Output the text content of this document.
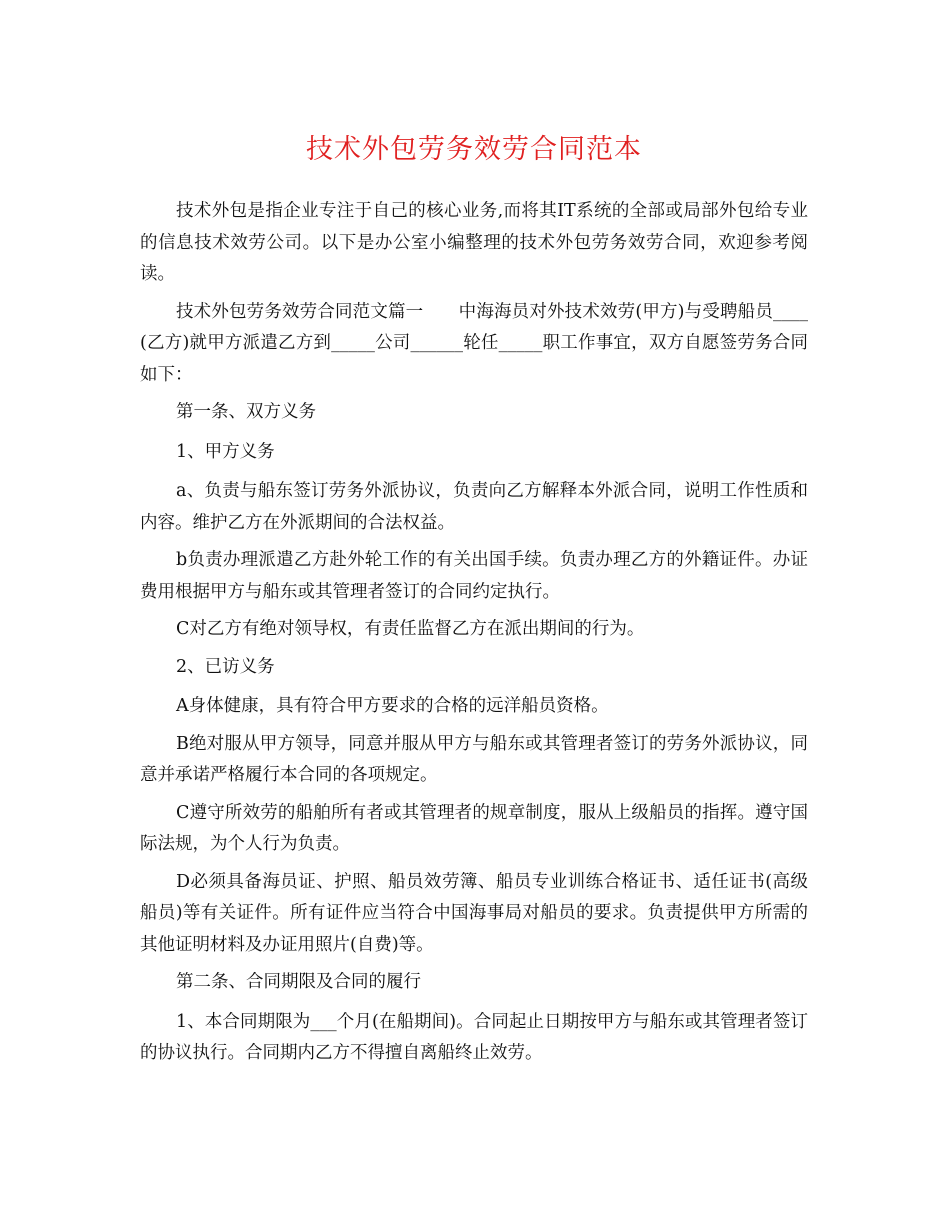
技术外包劳务效劳合同范本

技术外包是指企业专注于自己的核心业务,而将其IT系统的全部或局部外包给专业的信息技术效劳公司。以下是办公室小编整理的技术外包劳务效劳合同，欢迎参考阅读。

技术外包劳务效劳合同范文篇一　　中海海员对外技术效劳(甲方)与受聘船员____(乙方)就甲方派遣乙方到_____公司______轮任_____职工作事宜，双方自愿签劳务合同如下：

第一条、双方义务

1、甲方义务

a、负责与船东签订劳务外派协议，负责向乙方解释本外派合同，说明工作性质和内容。维护乙方在外派期间的合法权益。

b负责办理派遣乙方赴外轮工作的有关出国手续。负责办理乙方的外籍证件。办证费用根据甲方与船东或其管理者签订的合同约定执行。

C对乙方有绝对领导权，有责任监督乙方在派出期间的行为。

2、已访义务

A身体健康，具有符合甲方要求的合格的远洋船员资格。

B绝对服从甲方领导，同意并服从甲方与船东或其管理者签订的劳务外派协议，同意并承诺严格履行本合同的各项规定。

C遵守所效劳的船舶所有者或其管理者的规章制度，服从上级船员的指挥。遵守国际法规，为个人行为负责。

D必须具备海员证、护照、船员效劳簿、船员专业训练合格证书、适任证书(高级船员)等有关证件。所有证件应当符合中国海事局对船员的要求。负责提供甲方所需的其他证明材料及办证用照片(自费)等。

第二条、合同期限及合同的履行

1、本合同期限为___个月(在船期间)。合同起止日期按甲方与船东或其管理者签订的协议执行。合同期内乙方不得擅自离船终止效劳。
